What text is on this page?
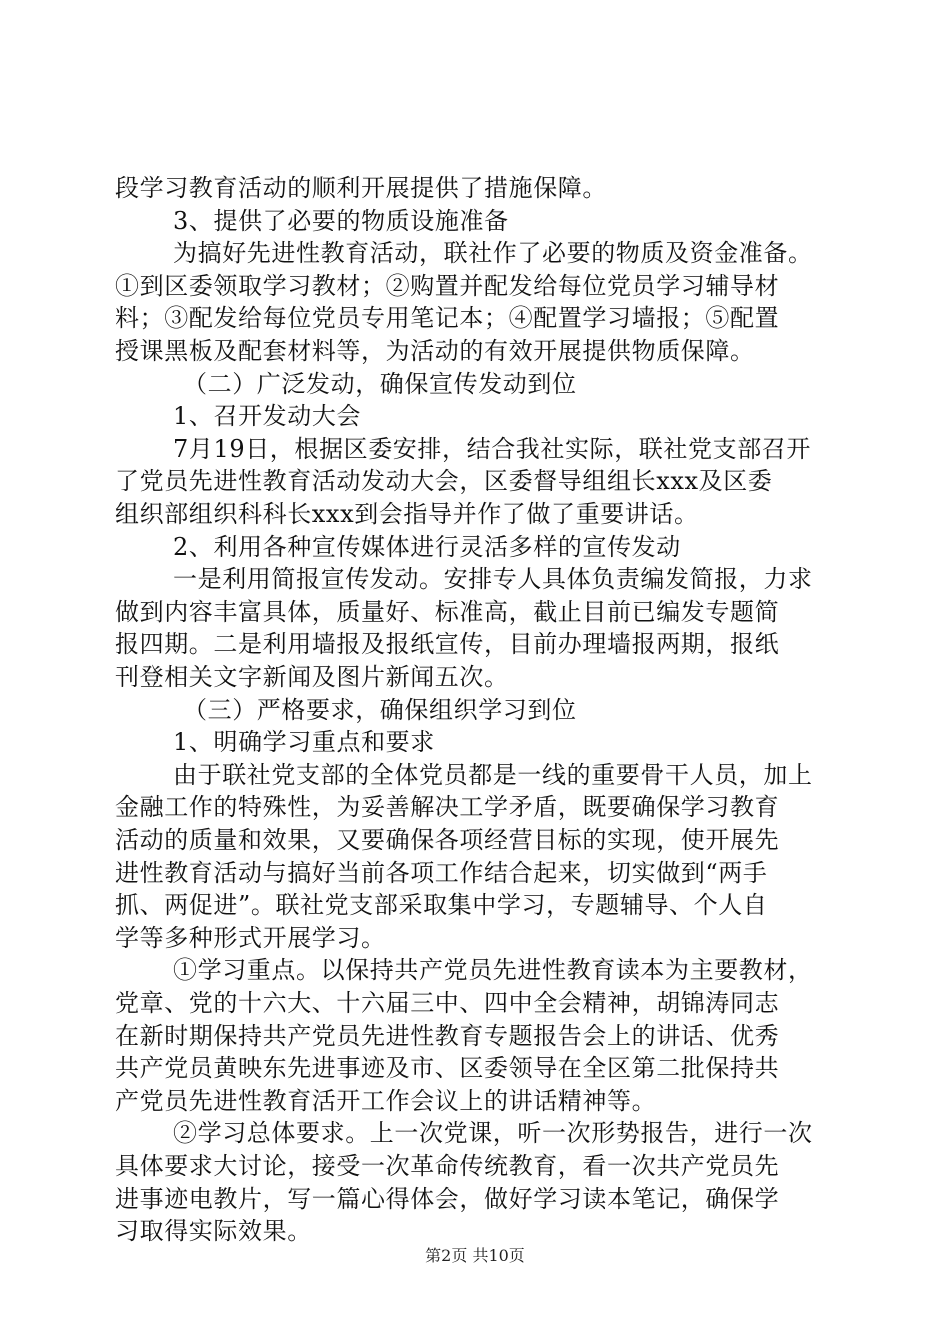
段学习教育活动的顺利开展提供了措施保障。
3、提供了必要的物质设施准备
为搞好先进性教育活动，联社作了必要的物质及资金准备。
①到区委领取学习教材；②购置并配发给每位党员学习辅导材
料；③配发给每位党员专用笔记本；④配置学习墙报；⑤配置
授课黑板及配套材料等，为活动的有效开展提供物质保障。
（二）广泛发动，确保宣传发动到位
1、召开发动大会
7月19日，根据区委安排，结合我社实际，联社党支部召开
了党员先进性教育活动发动大会，区委督导组组长xxx及区委
组织部组织科科长xxx到会指导并作了做了重要讲话。
2、利用各种宣传媒体进行灵活多样的宣传发动
一是利用简报宣传发动。安排专人具体负责编发简报，力求
做到内容丰富具体，质量好、标准高，截止目前已编发专题简
报四期。二是利用墙报及报纸宣传，目前办理墙报两期，报纸
刊登相关文字新闻及图片新闻五次。
（三）严格要求，确保组织学习到位
1、明确学习重点和要求
由于联社党支部的全体党员都是一线的重要骨干人员，加上
金融工作的特殊性，为妥善解决工学矛盾，既要确保学习教育
活动的质量和效果，又要确保各项经营目标的实现，使开展先
进性教育活动与搞好当前各项工作结合起来，切实做到“两手
抓、两促进”。联社党支部采取集中学习，专题辅导、个人自
学等多种形式开展学习。
①学习重点。以保持共产党员先进性教育读本为主要教材，
党章、党的十六大、十六届三中、四中全会精神，胡锦涛同志
在新时期保持共产党员先进性教育专题报告会上的讲话、优秀
共产党员黄映东先进事迹及市、区委领导在全区第二批保持共
产党员先进性教育活开工作会议上的讲话精神等。
②学习总体要求。上一次党课，听一次形势报告，进行一次
具体要求大讨论，接受一次革命传统教育，看一次共产党员先
第2页 共10页
进事迹电教片，写一篇心得体会，做好学习读本笔记，确保学
习取得实际效果。
